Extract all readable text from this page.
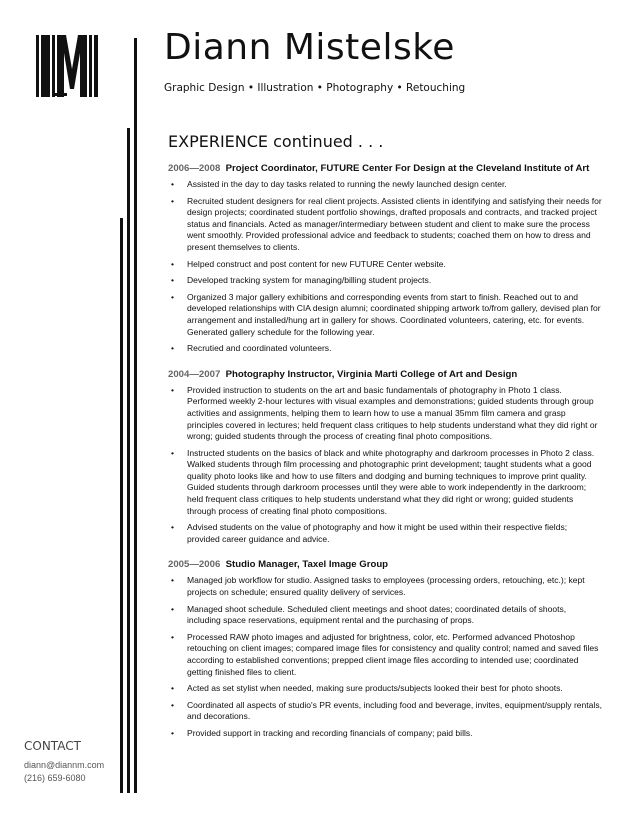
Diann Mistelske
Graphic Design • Illustration • Photography • Retouching
EXPERIENCE continued . . .
2006—2008 Project Coordinator, FUTURE Center For Design at the Cleveland Institute of Art
• Assisted in the day to day tasks related to running the newly launched design center.
• Recruited student designers for real client projects. Assisted clients in identifying and satisfying their needs for design projects; coordinated student portfolio showings, drafted proposals and contracts, and tracked project status and financials. Acted as manager/intermediary between student and client to make sure the process went smoothly. Provided professional advice and feedback to students; coached them on how to dress and present themselves to clients.
• Helped construct and post content for new FUTURE Center website.
• Developed tracking system for managing/billing student projects.
• Organized 3 major gallery exhibitions and corresponding events from start to finish. Reached out to and developed relationships with CIA design alumni; coordinated shipping artwork to/from gallery, devised plan for arrangement and installed/hung art in gallery for shows. Coordinated volunteers, catering, etc. for events. Generated gallery schedule for the following year.
• Recrutied and coordinated volunteers.
2004—2007 Photography Instructor, Virginia Marti College of Art and Design
• Provided instruction to students on the art and basic fundamentals of photography in Photo 1 class. Performed weekly 2-hour lectures with visual examples and demonstrations; guided students through group activities and assignments, helping them to learn how to use a manual 35mm film camera and grasp principles covered in lectures; held frequent class critiques to help students understand what they did right or wrong; guided students through the process of creating final photo compositions.
• Instructed students on the basics of black and white photography and darkroom processes in Photo 2 class. Walked students through film processing and photographic print development; taught students what a good quality photo looks like and how to use filters and dodging and burning techniques to improve print quality. Guided students through darkroom processes until they were able to work independently in the darkroom; held frequent class critiques to help students understand what they did right or wrong; guided students through process of creating final photo compositions.
• Advised students on the value of photography and how it might be used within their respective fields; provided career guidance and advice.
2005—2006 Studio Manager, Taxel Image Group
• Managed job workflow for studio. Assigned tasks to employees (processing orders, retouching, etc.); kept projects on schedule; ensured quality delivery of services.
• Managed shoot schedule. Scheduled client meetings and shoot dates; coordinated details of shoots, including space reservations, equipment rental and the purchasing of props.
• Processed RAW photo images and adjusted for brightness, color, etc. Performed advanced Photoshop retouching on client images; compared image files for consistency and quality control; named and saved files according to established conventions; prepped client image files according to intended use; coordinated getting finished files to client.
• Acted as set stylist when needed, making sure products/subjects looked their best for photo shoots.
• Coordinated all aspects of studio's PR events, including food and beverage, invites, equipment/supply rentals, and decorations.
• Provided support in tracking and recording financials of company; paid bills.
CONTACT
diann@diannm.com
(216) 659-6080
